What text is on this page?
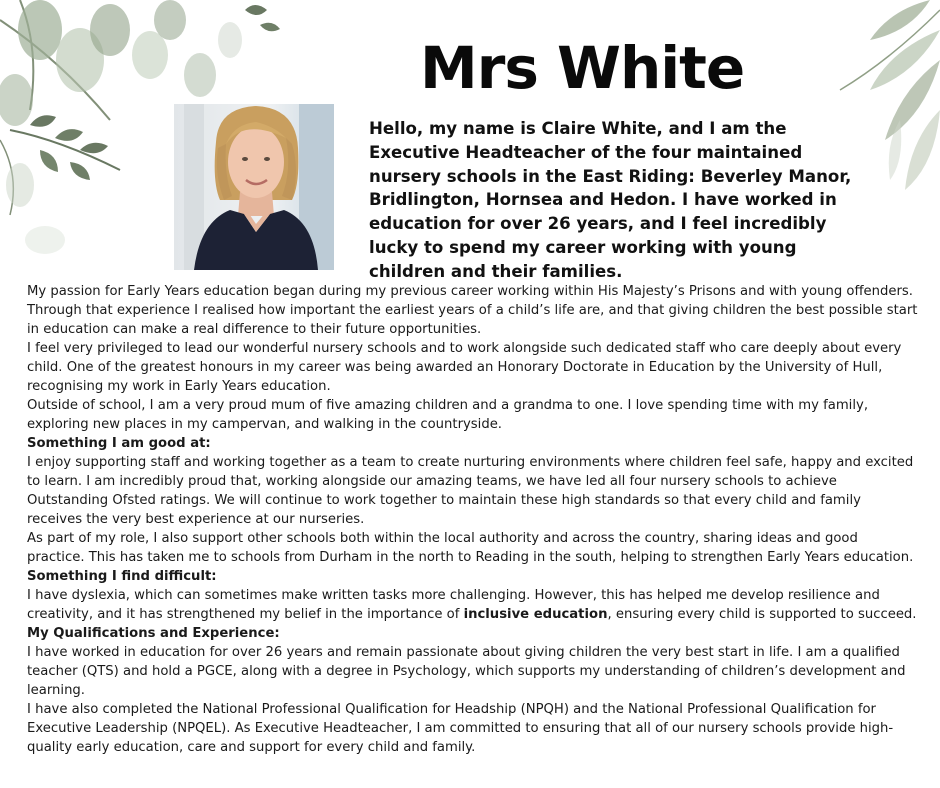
Mrs White
Hello, my name is Claire White, and I am the Executive Headteacher of the four maintained nursery schools in the East Riding: Beverley Manor, Bridlington, Hornsea and Hedon. I have worked in education for over 26 years, and I feel incredibly lucky to spend my career working with young children and their families.

My passion for Early Years education began during my previous career working within His Majesty’s Prisons and with young offenders. Through that experience I realised how important the earliest years of a child’s life are, and that giving children the best possible start in education can make a real difference to their future opportunities.

I feel very privileged to lead our wonderful nursery schools and to work alongside such dedicated staff who care deeply about every child. One of the greatest honours in my career was being awarded an Honorary Doctorate in Education by the University of Hull, recognising my work in Early Years education.

Outside of school, I am a very proud mum of five amazing children and a grandma to one. I love spending time with my family, exploring new places in my campervan, and walking in the countryside.

Something I am good at:

I enjoy supporting staff and working together as a team to create nurturing environments where children feel safe, happy and excited to learn. I am incredibly proud that, working alongside our amazing teams, we have led all four nursery schools to achieve Outstanding Ofsted ratings. We will continue to work together to maintain these high standards so that every child and family receives the very best experience at our nurseries.

As part of my role, I also support other schools both within the local authority and across the country, sharing ideas and good practice. This has taken me to schools from Durham in the north to Reading in the south, helping to strengthen Early Years education.

Something I find difficult:

I have dyslexia, which can sometimes make written tasks more challenging. However, this has helped me develop resilience and creativity, and it has strengthened my belief in the importance of inclusive education, ensuring every child is supported to succeed.

My Qualifications and Experience:

I have worked in education for over 26 years and remain passionate about giving children the very best start in life. I am a qualified teacher (QTS) and hold a PGCE, along with a degree in Psychology, which supports my understanding of children’s development and learning.

I have also completed the National Professional Qualification for Headship (NPQH) and the National Professional Qualification for Executive Leadership (NPQEL). As Executive Headteacher, I am committed to ensuring that all of our nursery schools provide high-quality early education, care and support for every child and family.
